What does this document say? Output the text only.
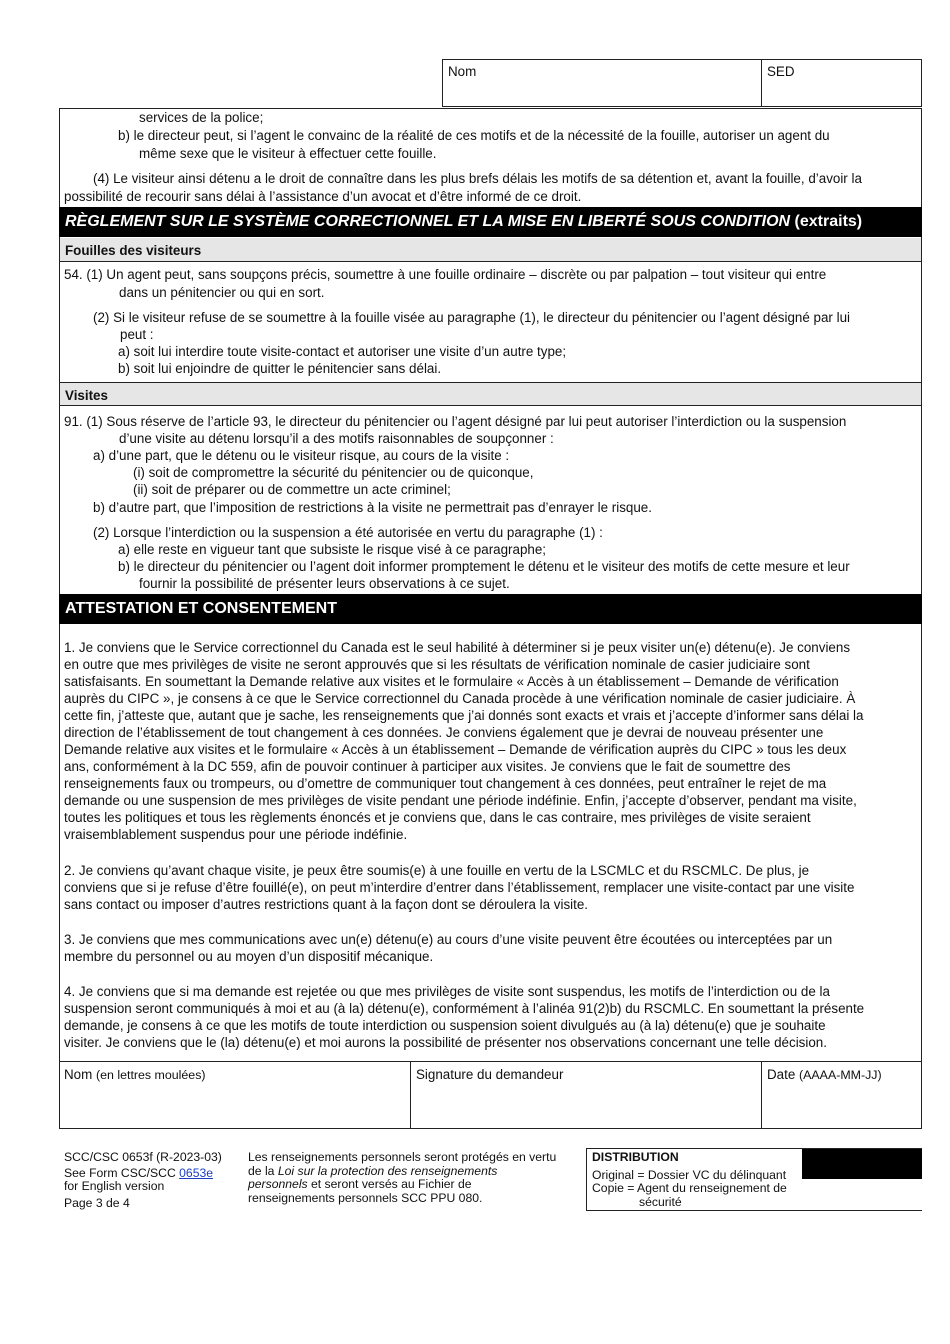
Nom	SED

services de la police;

b) le directeur peut, si l’agent le convainc de la réalité de ces motifs et de la nécessité de la fouille, autoriser un agent du

même sexe que le visiteur à effectuer cette fouille.

(4) Le visiteur ainsi détenu a le droit de connaître dans les plus brefs délais les motifs de sa détention et, avant la fouille, d’avoir la

possibilité de recourir sans délai à l’assistance d’un avocat et d’être informé de ce droit.

RÈGLEMENT SUR LE SYSTÈME CORRECTIONNEL ET LA MISE EN LIBERTÉ SOUS CONDITION (extraits)
Fouilles des visiteurs

54. (1) Un agent peut, sans soupçons précis, soumettre à une fouille ordinaire – discrète ou par palpation – tout visiteur qui entre

dans un pénitencier ou qui en sort.

(2) Si le visiteur refuse de se soumettre à la fouille visée au paragraphe (1), le directeur du pénitencier ou l’agent désigné par lui

peut :

a) soit lui interdire toute visite-contact et autoriser une visite d’un autre type;

b) soit lui enjoindre de quitter le pénitencier sans délai.

Visites

91. (1) Sous réserve de l’article 93, le directeur du pénitencier ou l’agent désigné par lui peut autoriser l’interdiction ou la suspension

d’une visite au détenu lorsqu’il a des motifs raisonnables de soupçonner :

a) d’une part, que le détenu ou le visiteur risque, au cours de la visite :

(i) soit de compromettre la sécurité du pénitencier ou de quiconque,

(ii) soit de préparer ou de commettre un acte criminel;

b) d’autre part, que l’imposition de restrictions à la visite ne permettrait pas d’enrayer le risque.

(2) Lorsque l’interdiction ou la suspension a été autorisée en vertu du paragraphe (1) :

a) elle reste en vigueur tant que subsiste le risque visé à ce paragraphe;

b) le directeur du pénitencier ou l’agent doit informer promptement le détenu et le visiteur des motifs de cette mesure et leur

fournir la possibilité de présenter leurs observations à ce sujet.

ATTESTATION ET CONSENTEMENT

1. Je conviens que le Service correctionnel du Canada est le seul habilité à déterminer si je peux visiter un(e) détenu(e). Je conviens

en outre que mes privilèges de visite ne seront approuvés que si les résultats de vérification nominale de casier judiciaire sont

satisfaisants. En soumettant la Demande relative aux visites et le formulaire « Accès à un établissement – Demande de vérification

auprès du CIPC », je consens à ce que le Service correctionnel du Canada procède à une vérification nominale de casier judiciaire. À

cette fin, j’atteste que, autant que je sache, les renseignements que j’ai donnés sont exacts et vrais et j’accepte d’informer sans délai la

direction de l’établissement de tout changement à ces données. Je conviens également que je devrai de nouveau présenter une

Demande relative aux visites et le formulaire « Accès à un établissement – Demande de vérification auprès du CIPC » tous les deux

ans, conformément à la DC 559, afin de pouvoir continuer à participer aux visites. Je conviens que le fait de soumettre des

renseignements faux ou trompeurs, ou d’omettre de communiquer tout changement à ces données, peut entraîner le rejet de ma

demande ou une suspension de mes privilèges de visite pendant une période indéfinie. Enfin, j’accepte d’observer, pendant ma visite,

toutes les politiques et tous les règlements énoncés et je conviens que, dans le cas contraire, mes privilèges de visite seraient

vraisemblablement suspendus pour une période indéfinie.

2. Je conviens qu’avant chaque visite, je peux être soumis(e) à une fouille en vertu de la LSCMLC et du RSCMLC. De plus, je

conviens que si je refuse d’être fouillé(e), on peut m’interdire d’entrer dans l’établissement, remplacer une visite-contact par une visite

sans contact ou imposer d’autres restrictions quant à la façon dont se déroulera la visite.

3. Je conviens que mes communications avec un(e) détenu(e) au cours d’une visite peuvent être écoutées ou interceptées par un

membre du personnel ou au moyen d’un dispositif mécanique.

4. Je conviens que si ma demande est rejetée ou que mes privilèges de visite sont suspendus, les motifs de l’interdiction ou de la

suspension seront communiqués à moi et au (à la) détenu(e), conformément à l’alinéa 91(2)b) du RSCMLC. En soumettant la présente

demande, je consens à ce que les motifs de toute interdiction ou suspension soient divulgués au (à la) détenu(e) que je souhaite

visiter. Je conviens que le (la) détenu(e) et moi aurons la possibilité de présenter nos observations concernant une telle décision.

Nom (en lettres moulées)	Signature du demandeur	Date (AAAA-MM-JJ)

SCC/CSC 0653f (R-2023-03)

See Form CSC/SCC 0653e

for English version

Page 3 de 4

Les renseignements personnels seront protégés en vertu

de la Loi sur la protection des renseignements

personnels et seront versés au Fichier de

renseignements personnels SCC PPU 080.

DISTRIBUTION

Original = Dossier VC du délinquant

Copie = Agent du renseignement de

sécurité
